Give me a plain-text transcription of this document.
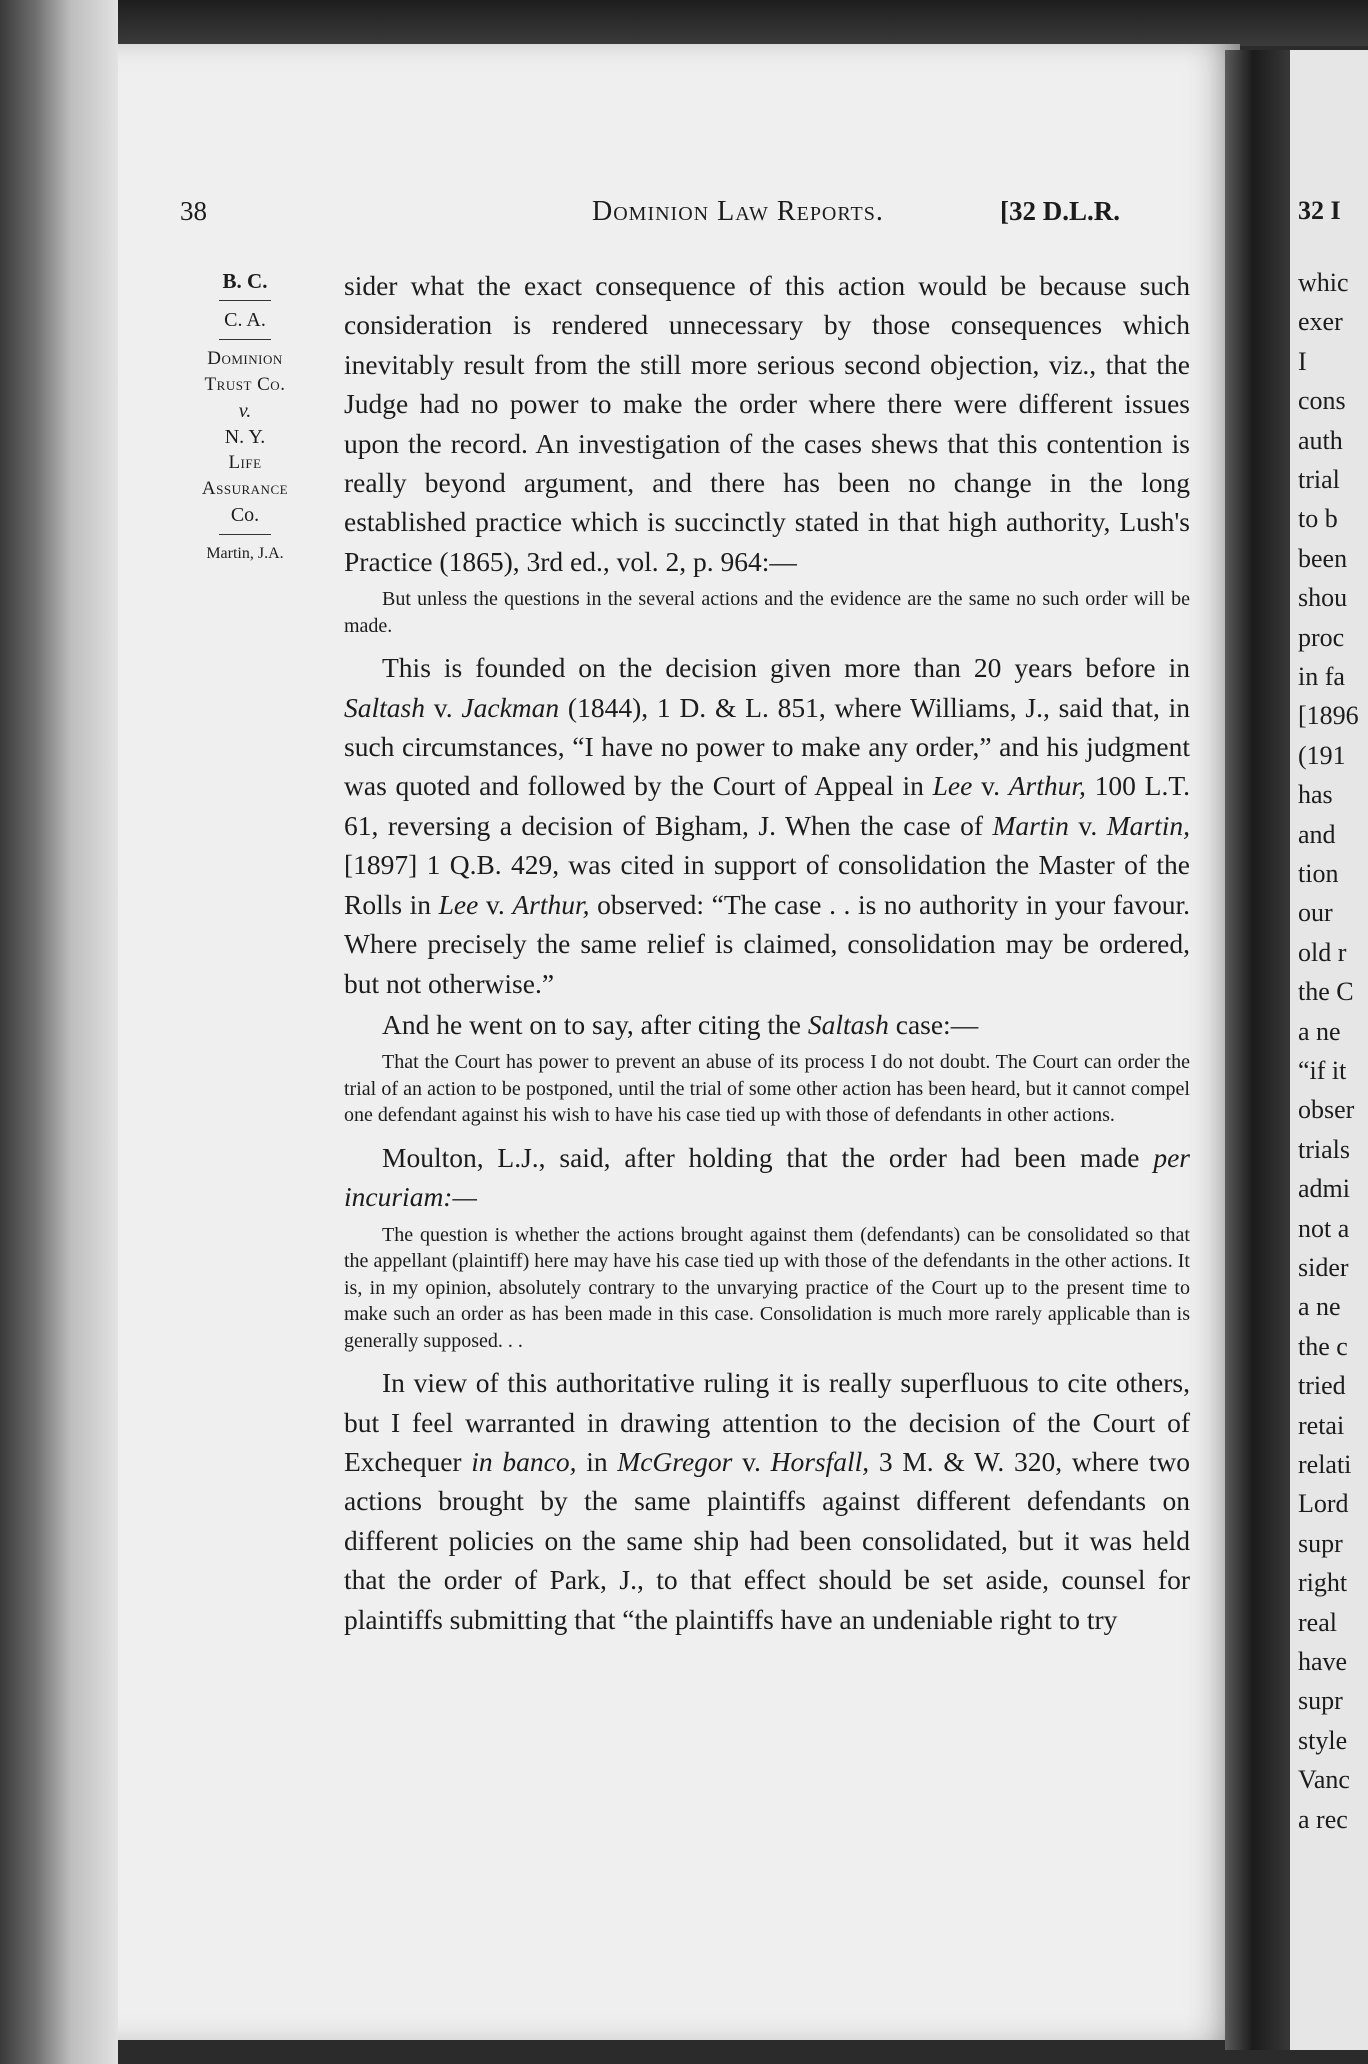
32 I
whic
exer
I
cons
auth
trial
to b
been
shou
proc
in fa
[1896
(191
has
and
tion
our
old r
the C
a ne
“if it
obser
trials
admi
not a
sider
a ne
the c
tried
retai
relati
Lord
supr
right
real
have
supr
style
Vanc
a rec
38	Dominion Law Reports.	[32 D.L.R.
B. C.
C. A.
Dominion
Trust Co.
v.
N. Y.
Life
Assurance
Co.
Martin, J.A.

sider what the exact consequence of this action would be because such consideration is rendered unnecessary by those consequences which inevitably result from the still more serious second objection, viz., that the Judge had no power to make the order where there were different issues upon the record. An investigation of the cases shews that this contention is really beyond argument, and there has been no change in the long established practice which is succinctly stated in that high authority, Lush's Practice (1865), 3rd ed., vol. 2, p. 964:—

But unless the questions in the several actions and the evidence are the same no such order will be made.

This is founded on the decision given more than 20 years before in Saltash v. Jackman (1844), 1 D. & L. 851, where Williams, J., said that, in such circumstances, “I have no power to make any order,” and his judgment was quoted and followed by the Court of Appeal in Lee v. Arthur, 100 L.T. 61, reversing a decision of Bigham, J. When the case of Martin v. Martin, [1897] 1 Q.B. 429, was cited in support of consolidation the Master of the Rolls in Lee v. Arthur, observed: “The case . . is no authority in your favour. Where precisely the same relief is claimed, consolidation may be ordered, but not otherwise.”

And he went on to say, after citing the Saltash case:—

That the Court has power to prevent an abuse of its process I do not doubt. The Court can order the trial of an action to be postponed, until the trial of some other action has been heard, but it cannot compel one defendant against his wish to have his case tied up with those of defendants in other actions.

Moulton, L.J., said, after holding that the order had been made per incuriam:—

The question is whether the actions brought against them (defendants) can be consolidated so that the appellant (plaintiff) here may have his case tied up with those of the defendants in the other actions. It is, in my opinion, absolutely contrary to the unvarying practice of the Court up to the present time to make such an order as has been made in this case. Consolidation is much more rarely applicable than is generally supposed. . .

In view of this authoritative ruling it is really superfluous to cite others, but I feel warranted in drawing attention to the decision of the Court of Exchequer in banco, in McGregor v. Horsfall, 3 M. & W. 320, where two actions brought by the same plaintiffs against different defendants on different policies on the same ship had been consolidated, but it was held that the order of Park, J., to that effect should be set aside, counsel for plaintiffs submitting that “the plaintiffs have an undeniable right to try
